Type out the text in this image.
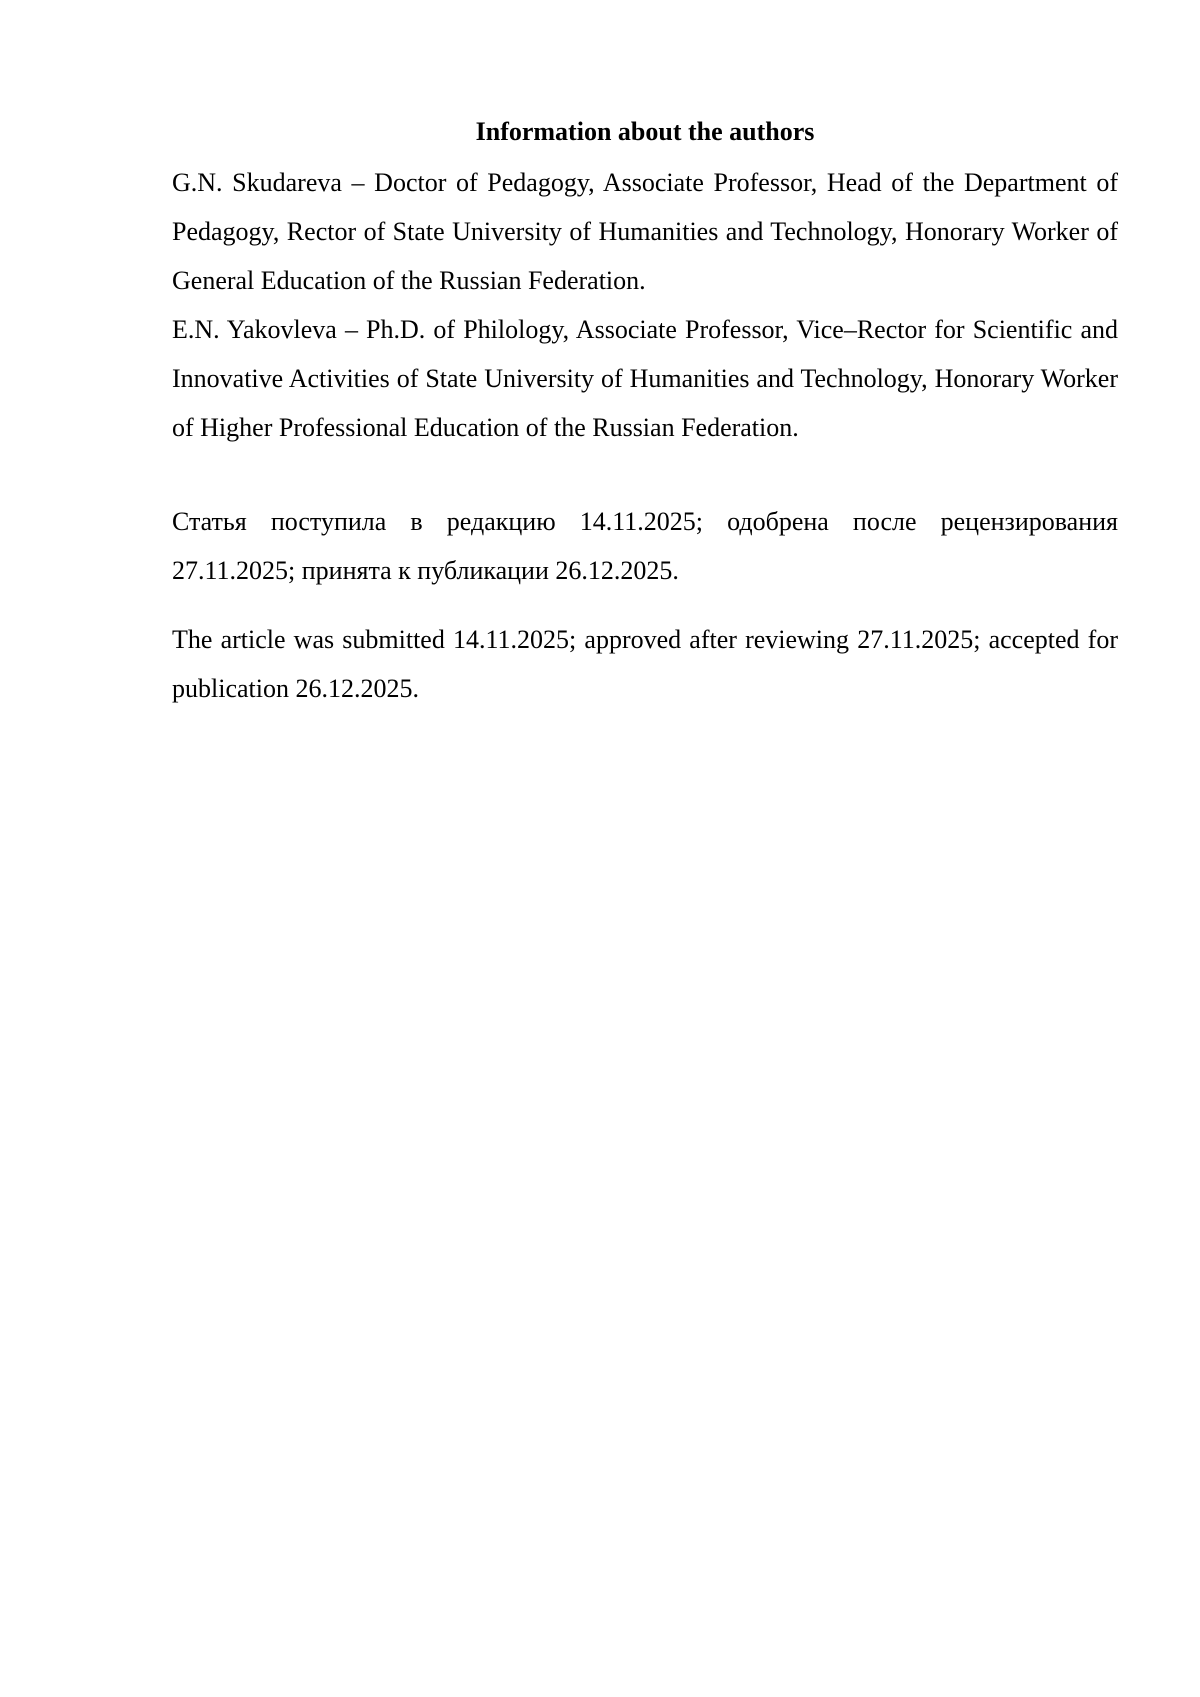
Information about the authors

G.N. Skudareva – Doctor of Pedagogy, Associate Professor, Head of the Department of Pedagogy, Rector of State University of Humanities and Technology, Honorary Worker of General Education of the Russian Federation.

E.N. Yakovleva – Ph.D. of Philology, Associate Professor, Vice–Rector for Scientific and Innovative Activities of State University of Humanities and Technology, Honorary Worker of Higher Professional Education of the Russian Federation.

Статья поступила в редакцию 14.11.2025; одобрена после рецензирования 27.11.2025; принята к публикации 26.12.2025.

The article was submitted 14.11.2025; approved after reviewing 27.11.2025; accepted for publication 26.12.2025.
